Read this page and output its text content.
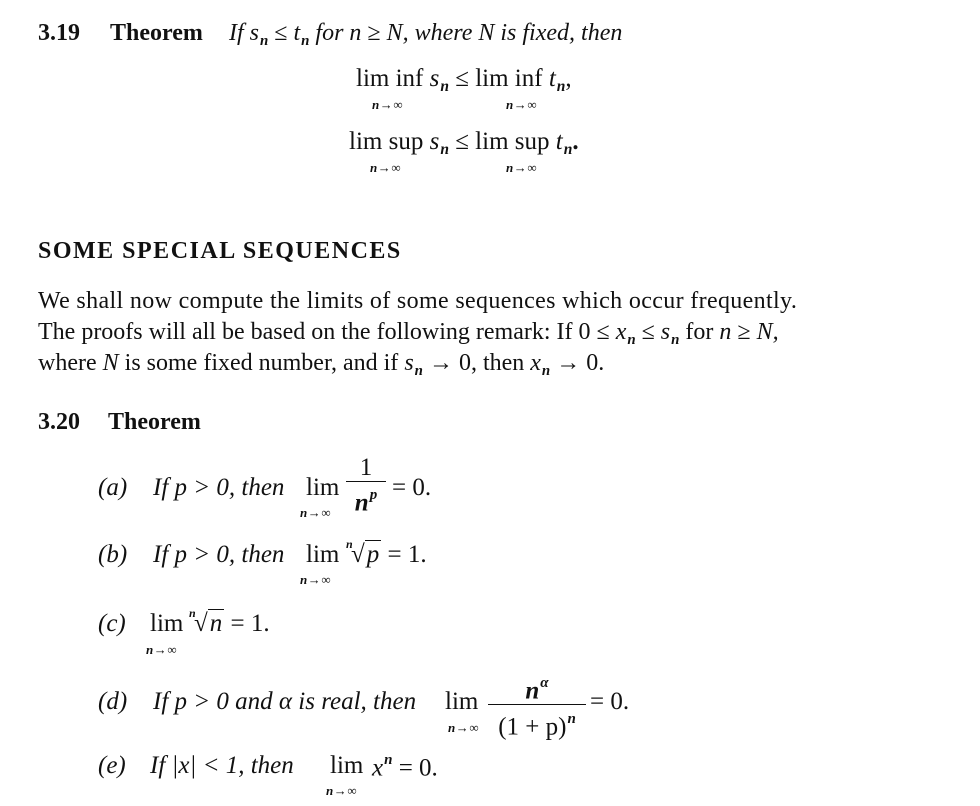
3.19 Theorem If $s_n \le t_n$ for n ≥ N, where N is fixed, then
lim inf $s_n \le \lim$ inf $t_n$,
n→∞	n→∞
lim sup $s_n \le \lim$ sup $t_n$.
n→∞	n→∞
SOME SPECIAL SEQUENCES
We shall now compute the limits of some sequences which occur frequently.
The proofs will all be based on the following remark: If $0 \le x_n \le s_n$ for n ≥ N,
where N is some fixed number, and if $s_n \to 0$, then $x_n \to 0$.
3.20 Theorem
(a) If p > 0, then lim
1
$n^p = 0$.
n→∞
(b) If p > 0, then lim n
√p = 1.
n→∞
(c) lim n
√n = 1.
n→∞
(d) If p > 0 and α is real, then lim	$n^\alpha$
$(1 + p)^n$
= 0.
n→∞
(e) If |x| < 1, then $\lim x^n = 0$.
n→∞
